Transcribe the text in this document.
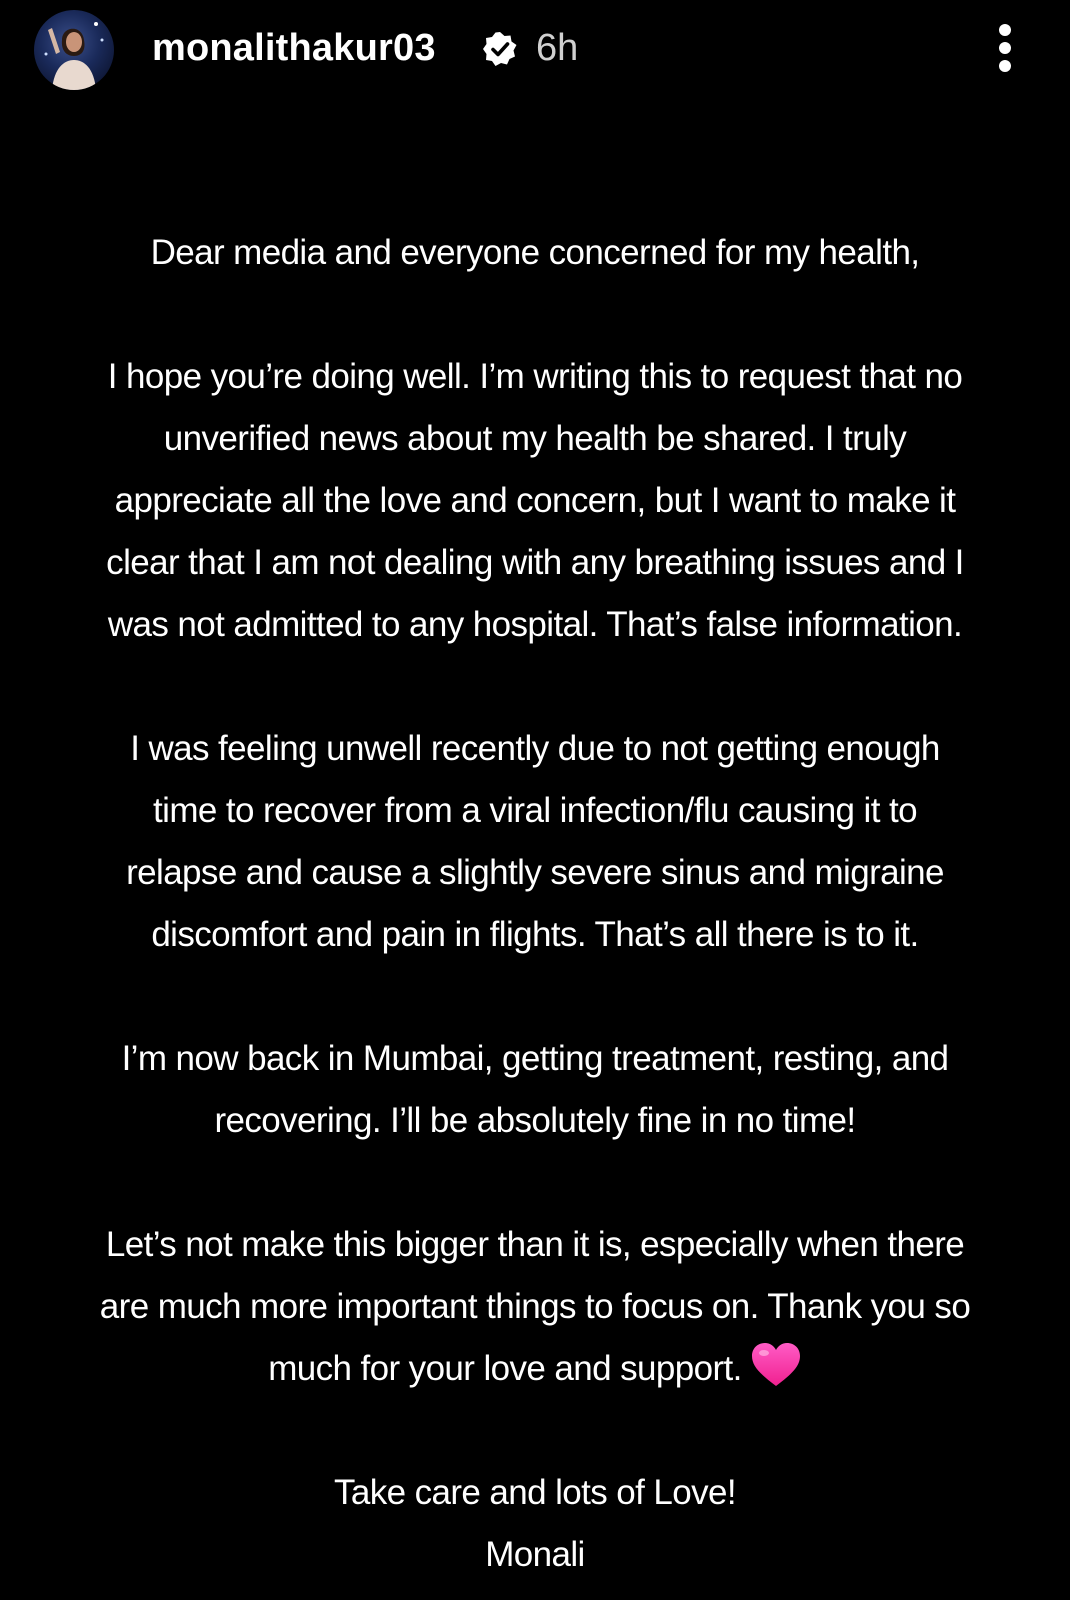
monalithakur03	6h
Dear media and everyone concerned for my health,
I hope you’re doing well. I’m writing this to request that no
unverified news about my health be shared. I truly
appreciate all the love and concern, but I want to make it
clear that I am not dealing with any breathing issues and I
was not admitted to any hospital. That’s false information.
I was feeling unwell recently due to not getting enough
time to recover from a viral infection/flu causing it to
relapse and cause a slightly severe sinus and migraine
discomfort and pain in flights. That’s all there is to it.
I’m now back in Mumbai, getting treatment, resting, and
recovering. I’ll be absolutely fine in no time!
Let’s not make this bigger than it is, especially when there
are much more important things to focus on. Thank you so
much for your love and support.
Take care and lots of Love!
Monali
